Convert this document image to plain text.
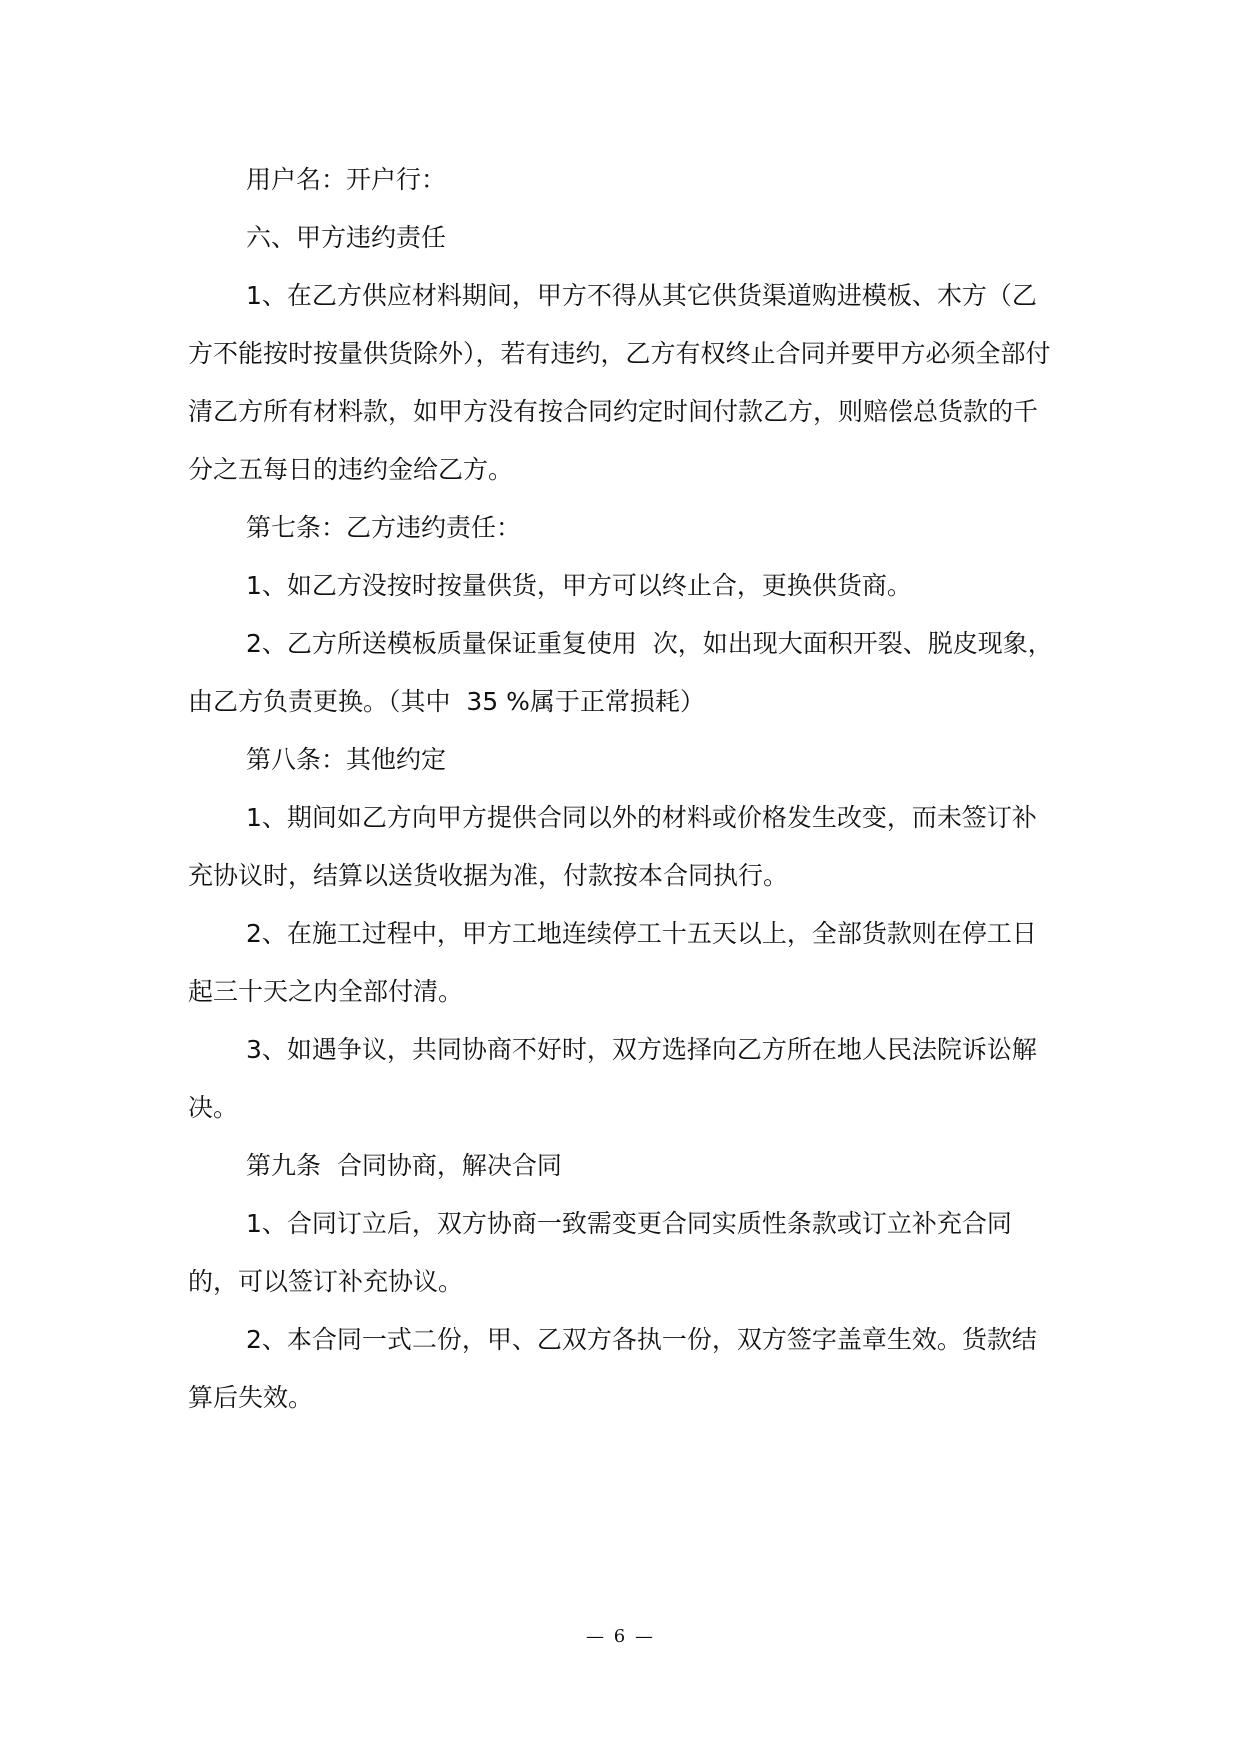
用户名：开户行：

六、甲方违约责任

1、在乙方供应材料期间，甲方不得从其它供货渠道购进模板、木方（乙方不能按时按量供货除外），若有违约，乙方有权终止合同并要甲方必须全部付清乙方所有材料款，如甲方没有按合同约定时间付款乙方，则赔偿总货款的千分之五每日的违约金给乙方。

第七条：乙方违约责任：

1、如乙方没按时按量供货，甲方可以终止合，更换供货商。

2、乙方所送模板质量保证重复使用  次，如出现大面积开裂、脱皮现象，由乙方负责更换。（其中  35 %属于正常损耗）

第八条：其他约定

1、期间如乙方向甲方提供合同以外的材料或价格发生改变，而未签订补充协议时，结算以送货收据为准，付款按本合同执行。

2、在施工过程中，甲方工地连续停工十五天以上，全部货款则在停工日起三十天之内全部付清。

3、如遇争议，共同协商不好时，双方选择向乙方所在地人民法院诉讼解决。

第九条  合同协商，解决合同

1、合同订立后，双方协商一致需变更合同实质性条款或订立补充合同的，可以签订补充协议。

2、本合同一式二份，甲、乙双方各执一份，双方签字盖章生效。货款结算后失效。

— 6 —
